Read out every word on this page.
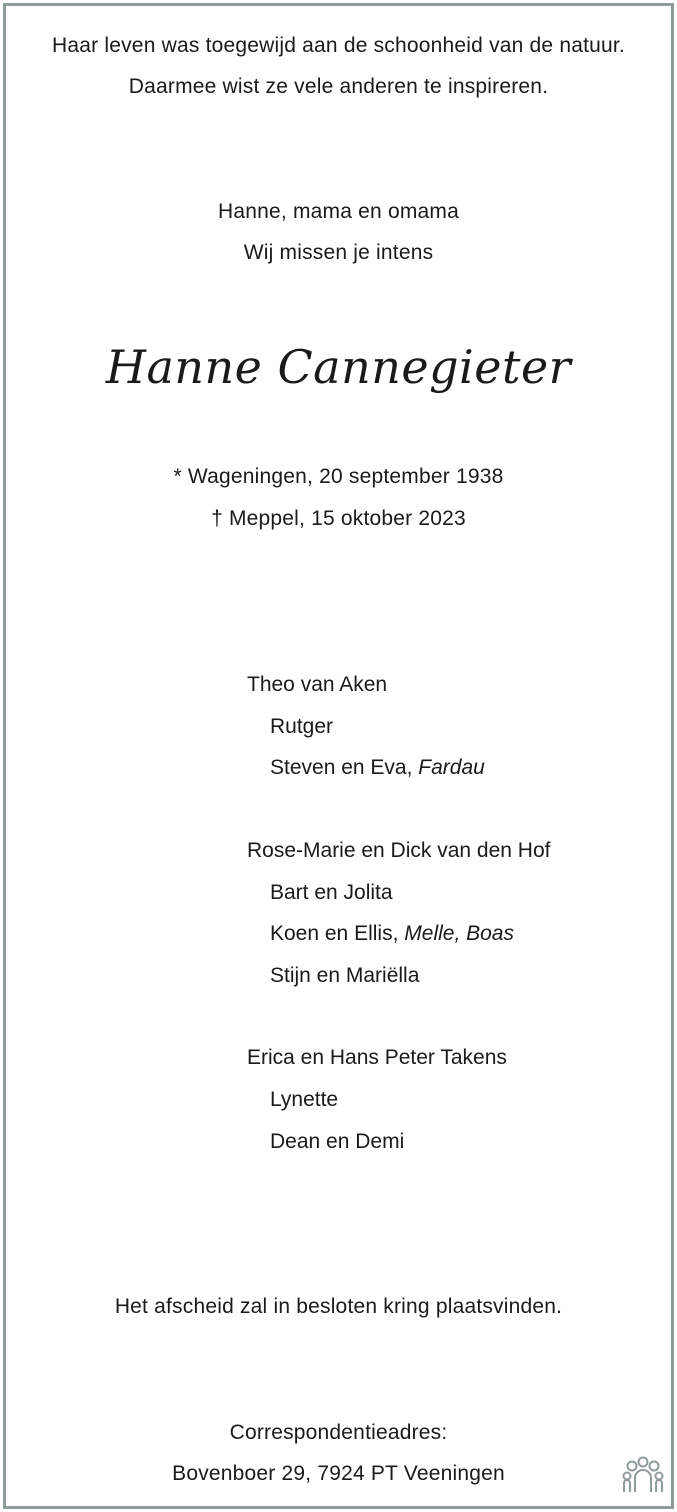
Haar leven was toegewijd aan de schoonheid van de natuur.
Daarmee wist ze vele anderen te inspireren.
Hanne, mama en omama
Wij missen je intens
Hanne Cannegieter
* Wageningen, 20 september 1938
† Meppel, 15 oktober 2023
Theo van Aken
Rutger
Steven en Eva, Fardau
Rose-Marie en Dick van den Hof
Bart en Jolita
Koen en Ellis, Melle, Boas
Stijn en Mariëlla
Erica en Hans Peter Takens
Lynette
Dean en Demi
Het afscheid zal in besloten kring plaatsvinden.
Correspondentieadres:
Bovenboer 29, 7924 PT Veeningen
